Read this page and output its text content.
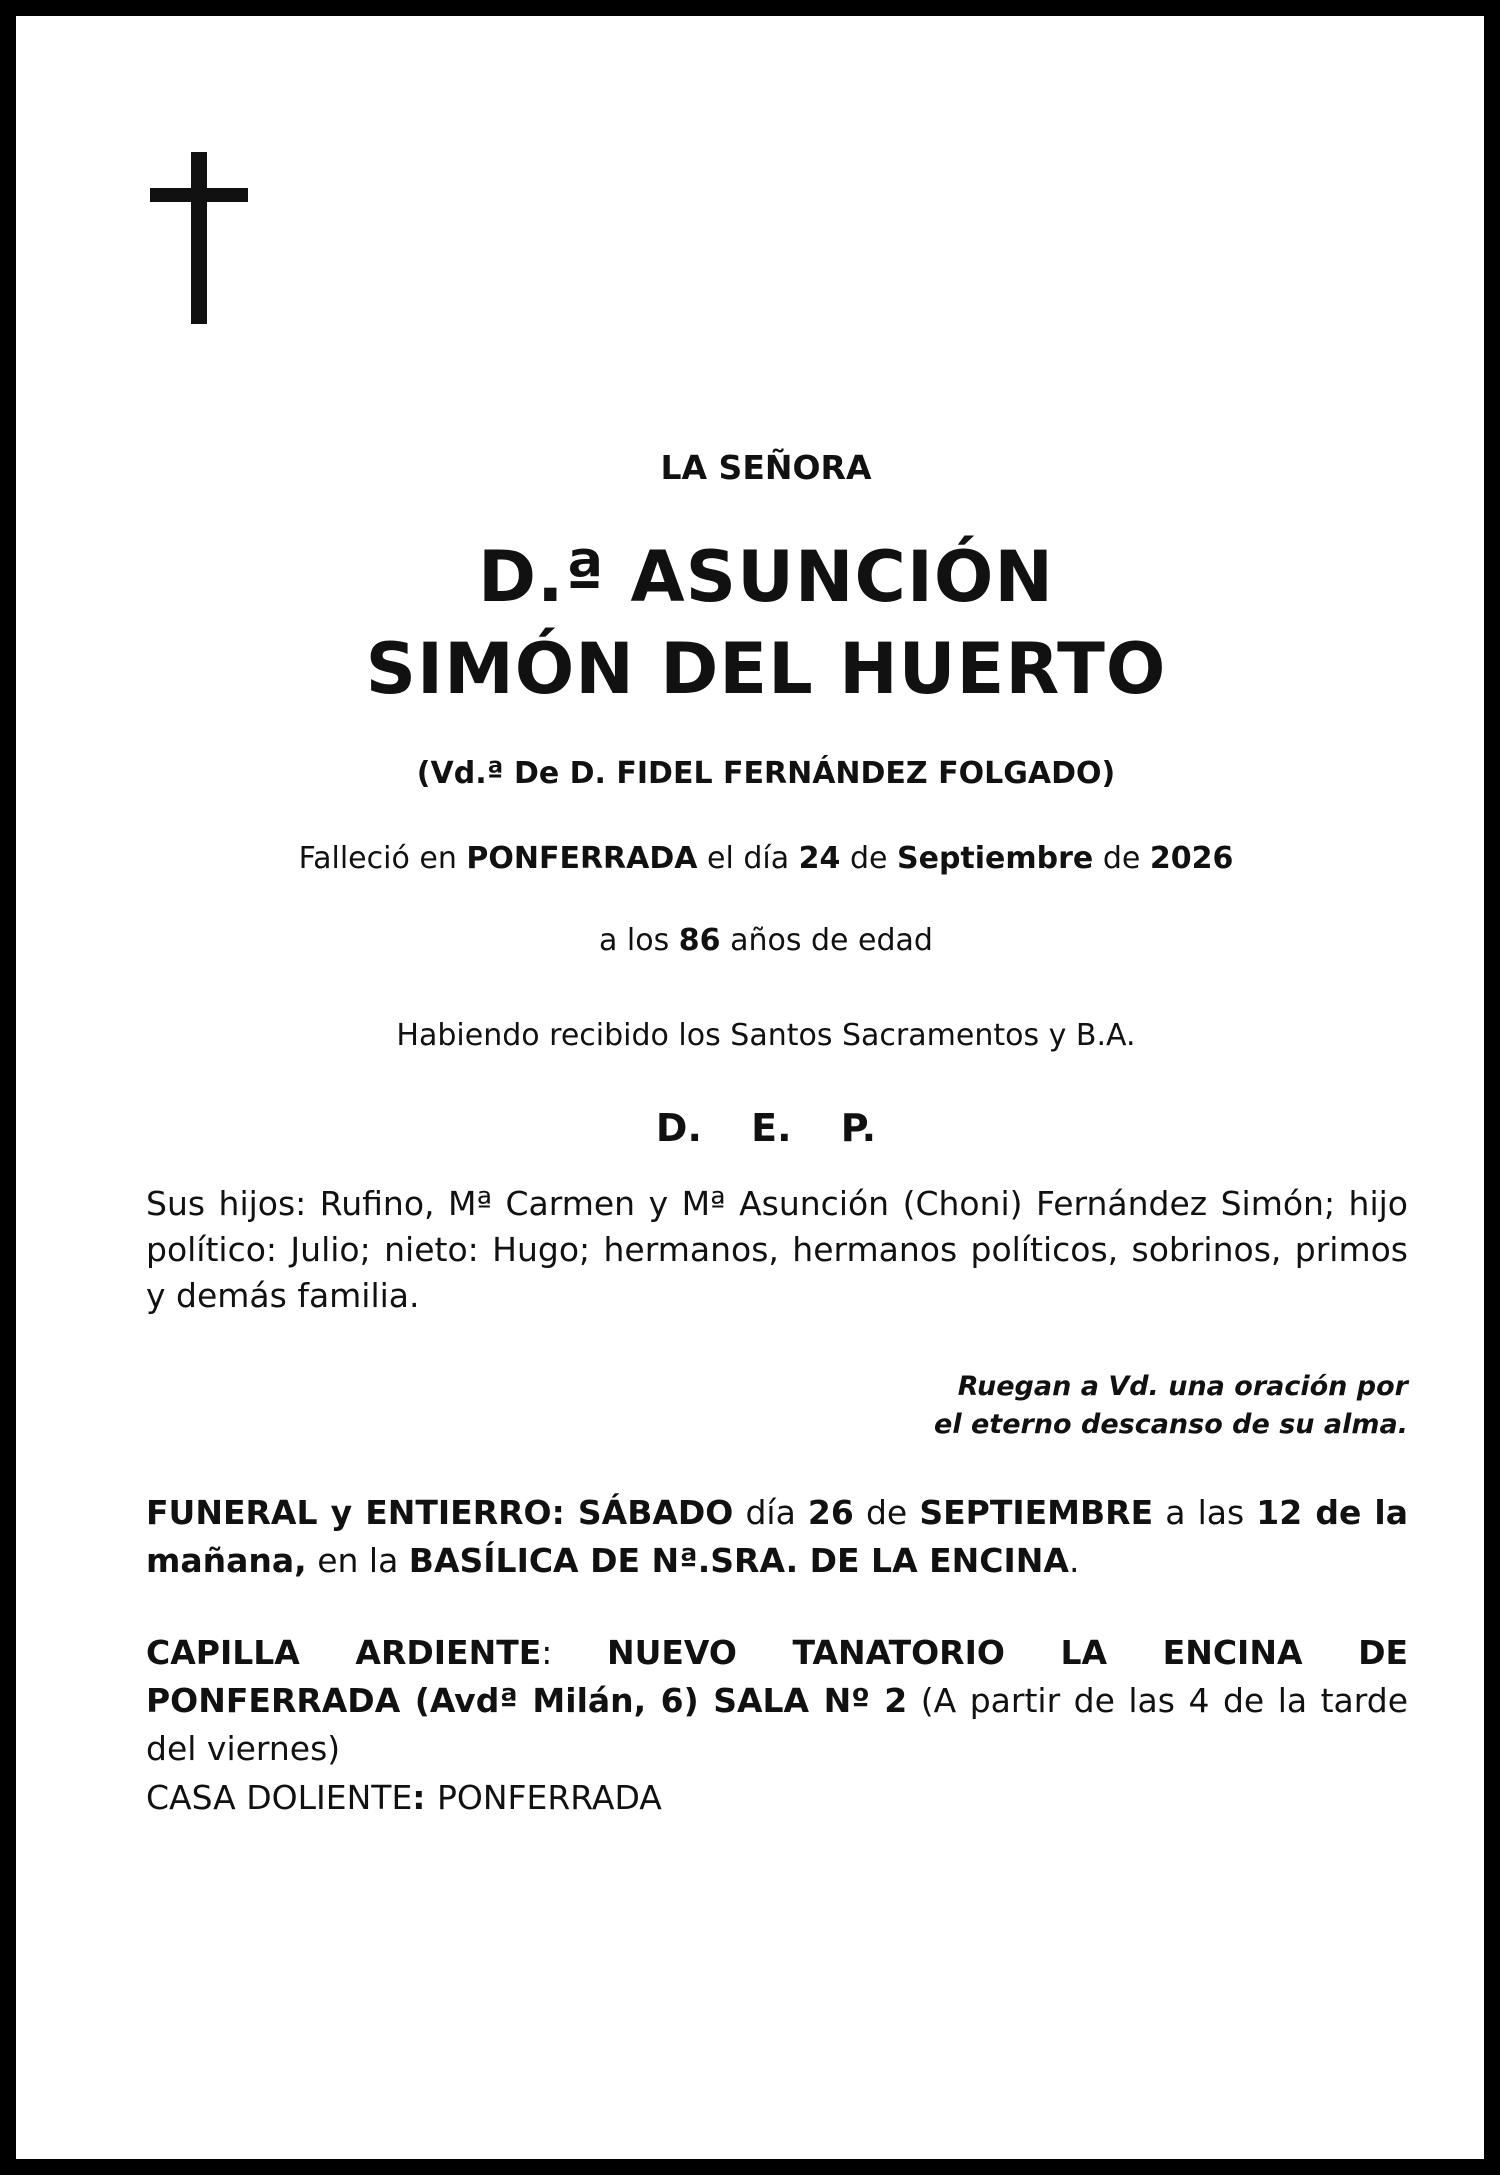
LA SEÑORA
D.ª ASUNCIÓN
SIMÓN DEL HUERTO
(Vd.ª De D. FIDEL FERNÁNDEZ FOLGADO)
Falleció en PONFERRADA el día 24 de Septiembre de 2026
a los 86 años de edad
Habiendo recibido los Santos Sacramentos y B.A.
D. E. P.
Sus hijos: Rufino, Mª Carmen y Mª Asunción (Choni) Fernández Simón; hijo político: Julio; nieto: Hugo; hermanos, hermanos políticos, sobrinos, primos y demás familia.
Ruegan a Vd. una oración por
el eterno descanso de su alma.
FUNERAL y ENTIERRO: SÁBADO día 26 de SEPTIEMBRE a las 12 de la mañana, en la BASÍLICA DE Nª.SRA. DE LA ENCINA.
CAPILLA ARDIENTE: NUEVO TANATORIO LA ENCINA DE PONFERRADA (Avdª Milán, 6) SALA Nº 2 (A partir de las 4 de la tarde del viernes)
CASA DOLIENTE: PONFERRADA
